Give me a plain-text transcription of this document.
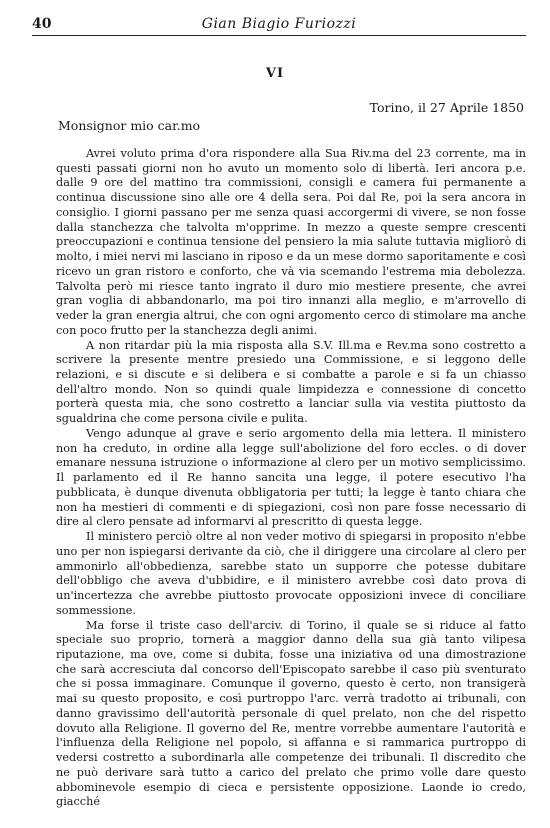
40	Gian Biagio Furiozzi
VI
Torino, il 27 Aprile 1850
Monsignor mio car.mo

Avrei voluto prima d'ora rispondere alla Sua Riv.ma del 23 corrente, ma in questi passati giorni non ho avuto un momento solo di libertà. Ieri ancora p.e. dalle 9 ore del mattino tra commissioni, consigli e camera fui permanente a continua discussione sino alle ore 4 della sera. Poi dal Re, poi la sera ancora in consiglio. I giorni passano per me senza quasi accorgermi di vivere, se non fosse dalla stanchezza che talvolta m'opprime. In mezzo a queste sempre crescenti preoccupazioni e continua tensione del pensiero la mia salute tuttavia migliorò di molto, i miei nervi mi lasciano in riposo e da un mese dormo saporitamente e così ricevo un gran ristoro e conforto, che và via scemando l'estrema mia debolezza. Talvolta però mi riesce tanto ingrato il duro mio mestiere presente, che avrei gran voglia di abbandonarlo, ma poi tiro innanzi alla meglio, e m'arrovello di veder la gran energia altrui, che con ogni argomento cerco di stimolare ma anche con poco frutto per la stanchezza degli animi.

A non ritardar più la mia risposta alla S.V. Ill.ma e Rev.ma sono costretto a scrivere la presente mentre presiedo una Commissione, e si leggono delle relazioni, e si discute e si delibera e si combatte a parole e si fa un chiasso dell'altro mondo. Non so quindi quale limpidezza e connessione di concetto porterà questa mia, che sono costretto a lanciar sulla via vestita piuttosto da sgualdrina che come persona civile e pulita.

Vengo adunque al grave e serio argomento della mia lettera. Il ministero non ha creduto, in ordine alla legge sull'abolizione del foro eccles. o di dover emanare nessuna istruzione o informazione al clero per un motivo semplicissimo. Il parlamento ed il Re hanno sancita una legge, il potere esecutivo l'ha pubblicata, è dunque divenuta obbligatoria per tutti; la legge è tanto chiara che non ha mestieri di commenti e di spiegazioni, così non pare fosse necessario di dire al clero pensate ad informarvi al prescritto di questa legge.

Il ministero perciò oltre al non veder motivo di spiegarsi in proposito n'ebbe uno per non ispiegarsi derivante da ciò, che il diriggere una circolare al clero per ammonirlo all'obbedienza, sarebbe stato un supporre che potesse dubitare dell'obbligo che aveva d'ubbidire, e il ministero avrebbe così dato prova di un'incertezza che avrebbe piuttosto provocate opposizioni invece di conciliare sommessione.

Ma forse il triste caso dell'arciv. di Torino, il quale se si riduce al fatto speciale suo proprio, tornerà a maggior danno della sua già tanto vilipesa riputazione, ma ove, come si dubita, fosse una iniziativa od una dimostrazione che sarà accresciuta dal concorso dell'Episcopato sarebbe il caso più sventurato che si possa immaginare. Comunque il governo, questo è certo, non transigerà mai su questo proposito, e così purtroppo l'arc. verrà tradotto ai tribunali, con danno gravissimo dell'autorità personale di quel prelato, non che del rispetto dovuto alla Religione. Il governo del Re, mentre vorrebbe aumentare l'autorità e l'influenza della Religione nel popolo, si affanna e si rammarica purtroppo di vedersi costretto a subordinarla alle competenze dei tribunali. Il discredito che ne può derivare sarà tutto a carico del prelato che primo volle dare questo abbominevole esempio di cieca e persistente opposizione. Laonde io credo, giacché
